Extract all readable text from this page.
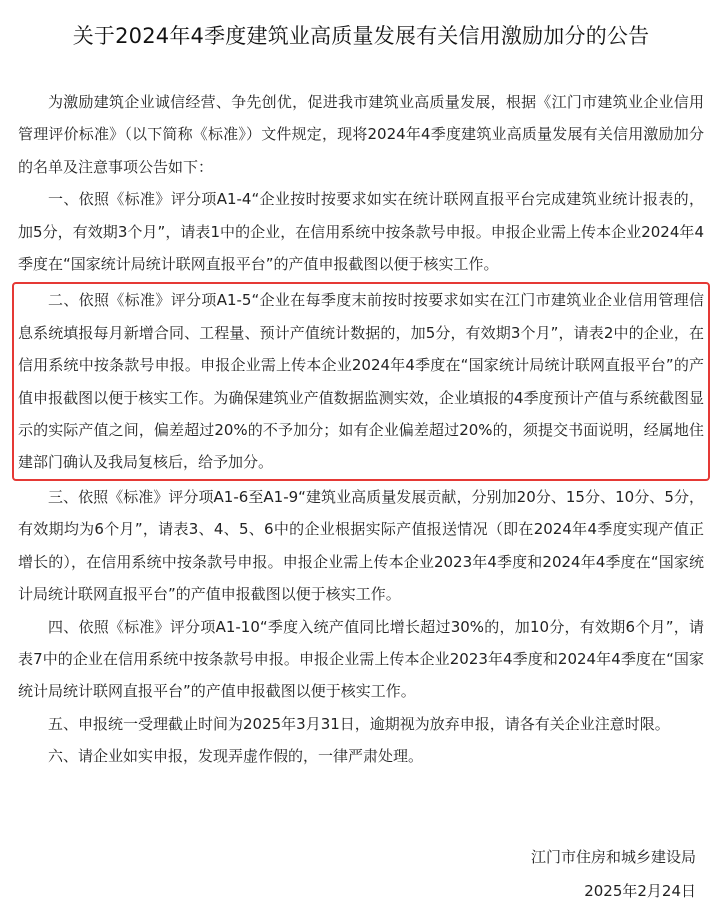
关于2024年4季度建筑业高质量发展有关信用激励加分的公告

为激励建筑企业诚信经营、争先创优，促进我市建筑业高质量发展，根据《江门市建筑业企业信用管理评价标准》（以下简称《标准》）文件规定，现将2024年4季度建筑业高质量发展有关信用激励加分的名单及注意事项公告如下：

一、依照《标准》评分项A1-4“企业按时按要求如实在统计联网直报平台完成建筑业统计报表的，加5分，有效期3个月”，请表1中的企业，在信用系统中按条款号申报。申报企业需上传本企业2024年4季度在“国家统计局统计联网直报平台”的产值申报截图以便于核实工作。

二、依照《标准》评分项A1-5“企业在每季度末前按时按要求如实在江门市建筑业企业信用管理信息系统填报每月新增合同、工程量、预计产值统计数据的，加5分，有效期3个月”，请表2中的企业，在信用系统中按条款号申报。申报企业需上传本企业2024年4季度在“国家统计局统计联网直报平台”的产值申报截图以便于核实工作。为确保建筑业产值数据监测实效，企业填报的4季度预计产值与系统截图显示的实际产值之间，偏差超过20%的不予加分；如有企业偏差超过20%的，须提交书面说明，经属地住建部门确认及我局复核后，给予加分。

三、依照《标准》评分项A1-6至A1-9“建筑业高质量发展贡献，分别加20分、15分、10分、5分，有效期均为6个月”，请表3、4、5、6中的企业根据实际产值报送情况（即在2024年4季度实现产值正增长的），在信用系统中按条款号申报。申报企业需上传本企业2023年4季度和2024年4季度在“国家统计局统计联网直报平台”的产值申报截图以便于核实工作。

四、依照《标准》评分项A1-10“季度入统产值同比增长超过30%的，加10分，有效期6个月”，请表7中的企业在信用系统中按条款号申报。申报企业需上传本企业2023年4季度和2024年4季度在“国家统计局统计联网直报平台”的产值申报截图以便于核实工作。

五、申报统一受理截止时间为2025年3月31日，逾期视为放弃申报，请各有关企业注意时限。

六、请企业如实申报，发现弄虚作假的，一律严肃处理。

江门市住房和城乡建设局
2025年2月24日
